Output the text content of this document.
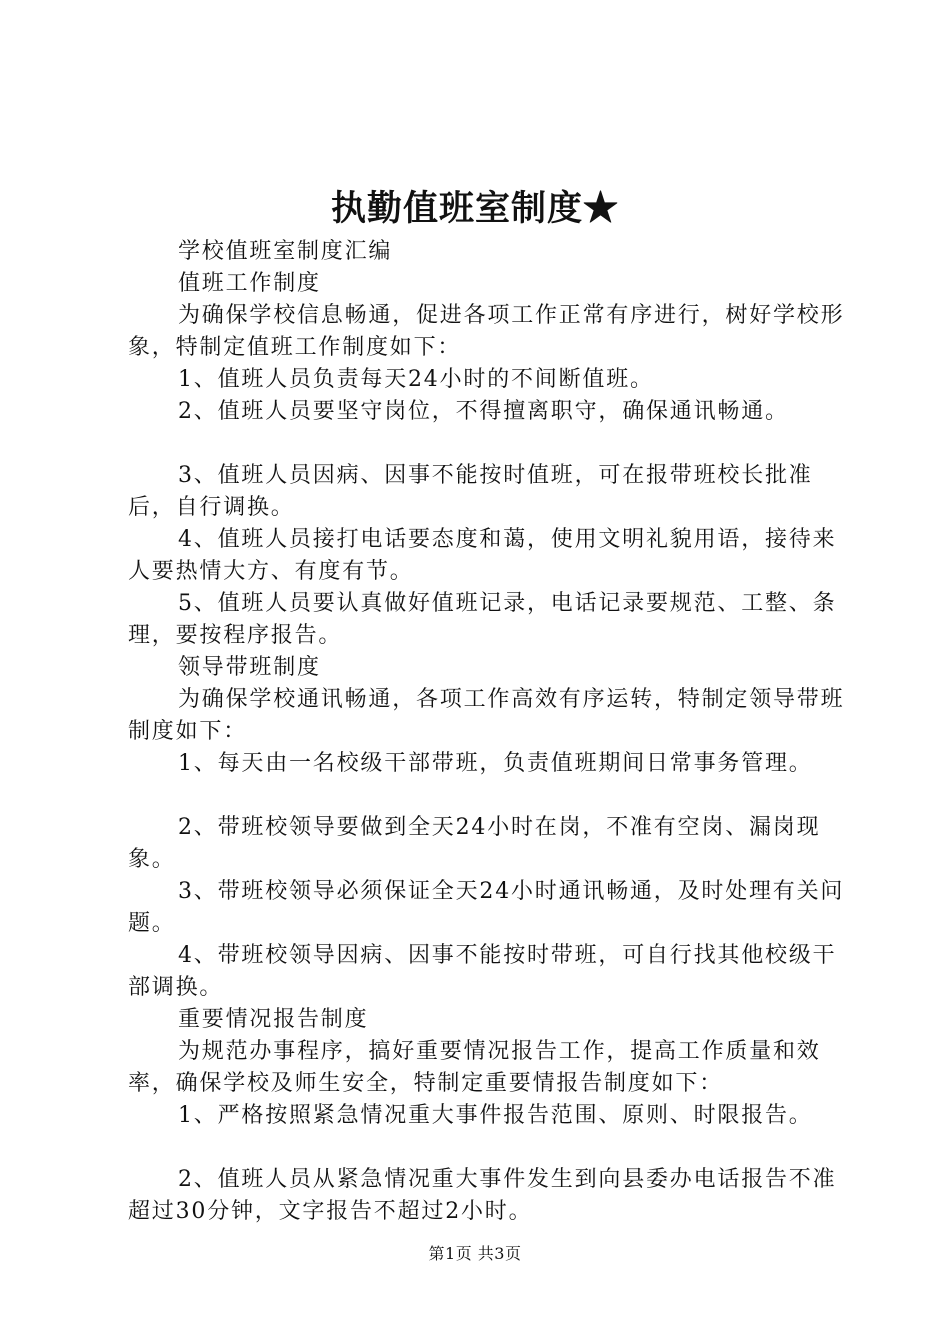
执勤值班室制度★

学校值班室制度汇编

值班工作制度

为确保学校信息畅通，促进各项工作正常有序进行，树好学校形象，特制定值班工作制度如下：

1、值班人员负责每天24小时的不间断值班。

2、值班人员要坚守岗位，不得擅离职守，确保通讯畅通。

3、值班人员因病、因事不能按时值班，可在报带班校长批准后，自行调换。

4、值班人员接打电话要态度和蔼，使用文明礼貌用语，接待来人要热情大方、有度有节。

5、值班人员要认真做好值班记录，电话记录要规范、工整、条理，要按程序报告。

领导带班制度

为确保学校通讯畅通，各项工作高效有序运转，特制定领导带班制度如下：

1、每天由一名校级干部带班，负责值班期间日常事务管理。

2、带班校领导要做到全天24小时在岗，不准有空岗、漏岗现象。

3、带班校领导必须保证全天24小时通讯畅通，及时处理有关问题。

4、带班校领导因病、因事不能按时带班，可自行找其他校级干部调换。

重要情况报告制度

为规范办事程序，搞好重要情况报告工作，提高工作质量和效率，确保学校及师生安全，特制定重要情报告制度如下：

1、严格按照紧急情况重大事件报告范围、原则、时限报告。

2、值班人员从紧急情况重大事件发生到向县委办电话报告不准超过30分钟，文字报告不超过2小时。

第1页 共3页
